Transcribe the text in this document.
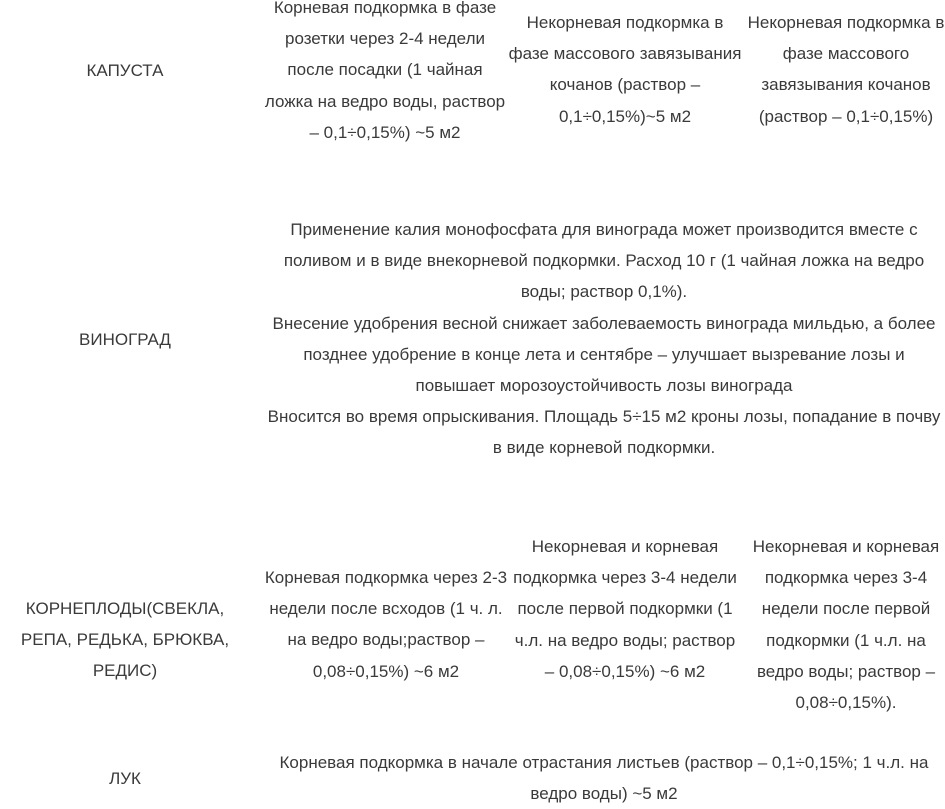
КАПУСТА
Корневая подкормка в фазе розетки через 2-4 недели после посадки (1 чайная ложка на ведро воды, раствор – 0,1÷0,15%) ~5 м2
Некорневая подкормка в фазе массового завязывания кочанов (раствор – 0,1÷0,15%)~5 м2
Некорневая подкормка в фазе массового завязывания кочанов (раствор – 0,1÷0,15%)
ВИНОГРАД
Применение калия монофосфата для винограда может производится вместе с поливом и в виде внекорневой подкормки. Расход 10 г (1 чайная ложка на ведро воды; раствор 0,1%).
Внесение удобрения весной снижает заболеваемость винограда мильдью, а более позднее удобрение в конце лета и сентябре – улучшает вызревание лозы и повышает морозоустойчивость лозы винограда
Вносится во время опрыскивания. Площадь 5÷15 м2 кроны лозы, попадание в почву в виде корневой подкормки.
КОРНЕПЛОДЫ(СВЕКЛА, РЕПА, РЕДЬКА, БРЮКВА, РЕДИС)
Корневая подкормка через 2-3 недели после всходов (1 ч. л. на ведро воды;раствор – 0,08÷0,15%) ~6 м2
Некорневая и корневая подкормка через 3-4 недели после первой подкормки (1 ч.л. на ведро воды; раствор – 0,08÷0,15%) ~6 м2
Некорневая и корневая подкормка через 3-4 недели после первой подкормки (1 ч.л. на ведро воды; раствор – 0,08÷0,15%).
ЛУК
Корневая подкормка в начале отрастания листьев (раствор – 0,1÷0,15%; 1 ч.л. на ведро воды) ~5 м2
